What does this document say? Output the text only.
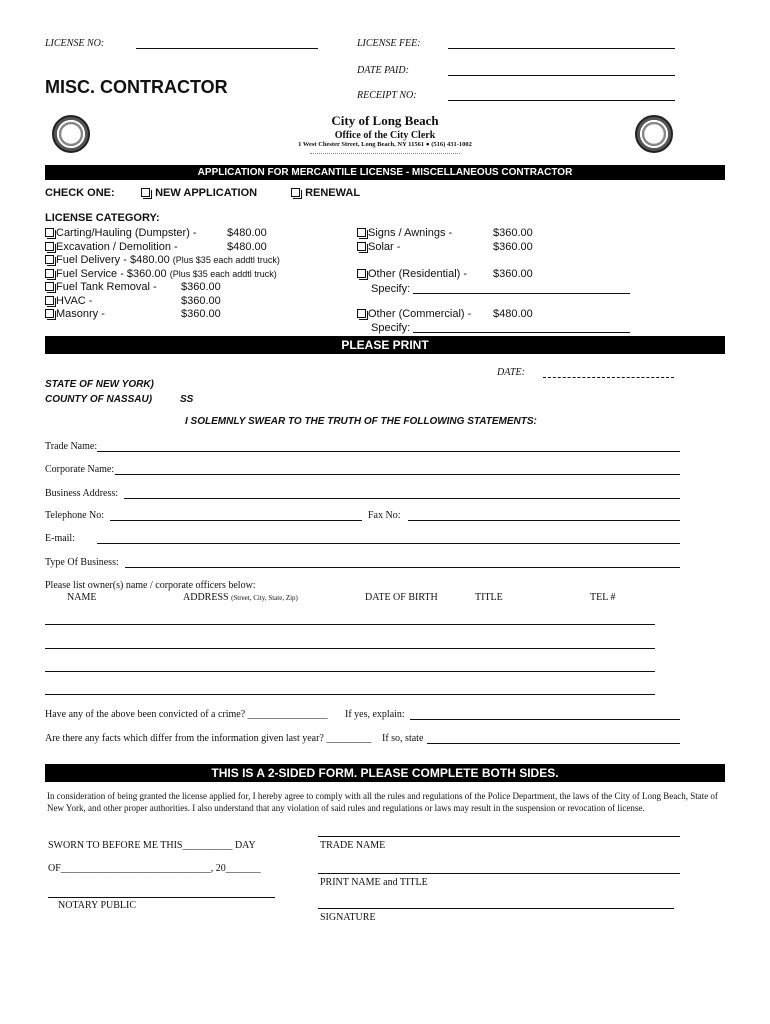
LICENSE NO:	LICENSE FEE:
DATE PAID:
MISC. CONTRACTOR	RECEIPT NO:
City of Long Beach
Office of the City Clerk
1 West Chester Street, Long Beach, NY 11561 ● (516) 431-1002
APPLICATION FOR MERCANTILE LICENSE - MISCELLANEOUS CONTRACTOR
CHECK ONE:	NEW APPLICATION	RENEWAL
LICENSE CATEGORY:
Carting/Hauling (Dumpster) -	$480.00
Excavation / Demolition -	$480.00
Fuel Delivery - $480.00 (Plus $35 each addtl truck)
Fuel Service - $360.00 (Plus $35 each addtl truck)
Fuel Tank Removal - $360.00
HVAC -	$360.00
Masonry -	$360.00
Signs / Awnings -	$360.00
Solar -	$360.00
Other (Residential) - $360.00
Specify:
Other (Commercial) - $480.00
Specify:
PLEASE PRINT
DATE:
STATE OF NEW YORK)
COUNTY OF NASSAU)	SS
I SOLEMNLY SWEAR TO THE TRUTH OF THE FOLLOWING STATEMENTS:
Trade Name:
Corporate Name:
Business Address:
Telephone No:	Fax No:
E-mail:
Type Of Business:
Please list owner(s) name / corporate officers below:
NAME	ADDRESS (Street, City, State, Zip)	DATE OF BIRTH	TITLE	TEL #
Have any of the above been convicted of a crime? ________________ If yes, explain:
Are there any facts which differ from the information given last year? _________ If so, state
THIS IS A 2-SIDED FORM. PLEASE COMPLETE BOTH SIDES.
In consideration of being granted the license applied for, I hereby agree to comply with all the rules and regulations of the Police Department, the laws of the City of Long Beach, State of New York, and other proper authorities. I also understand that any violation of said rules and regulations or laws may result in the suspension or revocation of license.
SWORN TO BEFORE ME THIS__________ DAY	TRADE NAME
OF______________________________, 20_______
PRINT NAME and TITLE
NOTARY PUBLIC
SIGNATURE
